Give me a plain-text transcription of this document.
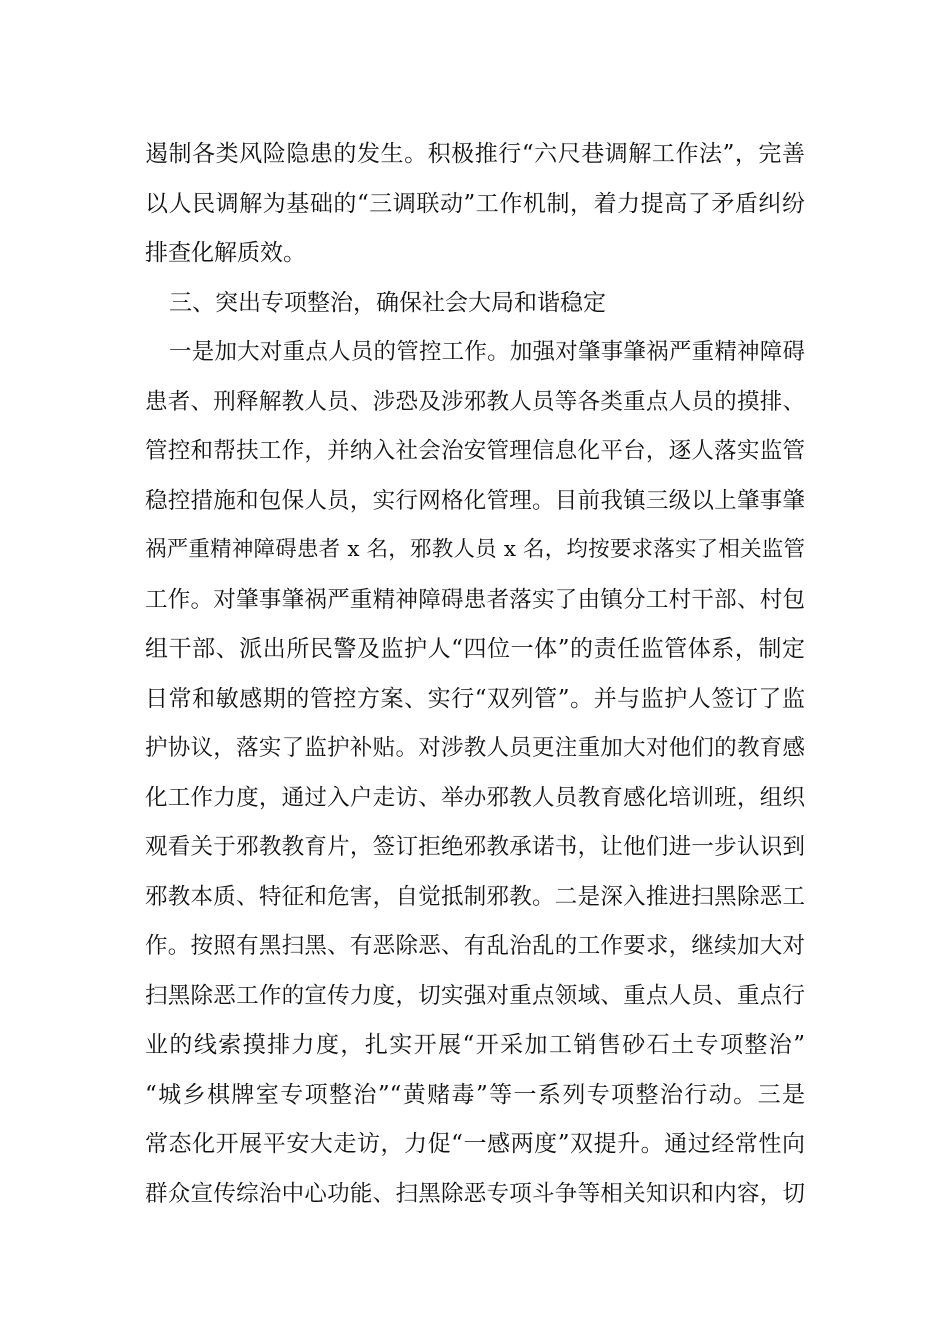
遏制各类风险隐患的发生。积极推行“六尺巷调解工作法”，完善
以人民调解为基础的“三调联动”工作机制，着力提高了矛盾纠纷
排查化解质效。
三、突出专项整治，确保社会大局和谐稳定
一是加大对重点人员的管控工作。加强对肇事肇祸严重精神障碍
患者、刑释解教人员、涉恐及涉邪教人员等各类重点人员的摸排、
管控和帮扶工作，并纳入社会治安管理信息化平台，逐人落实监管
稳控措施和包保人员，实行网格化管理。目前我镇三级以上肇事肇
祸严重精神障碍患者 x 名，邪教人员 x 名，均按要求落实了相关监管
工作。对肇事肇祸严重精神障碍患者落实了由镇分工村干部、村包
组干部、派出所民警及监护人“四位一体”的责任监管体系，制定
日常和敏感期的管控方案、实行“双列管”。并与监护人签订了监
护协议，落实了监护补贴。对涉教人员更注重加大对他们的教育感
化工作力度，通过入户走访、举办邪教人员教育感化培训班，组织
观看关于邪教教育片，签订拒绝邪教承诺书，让他们进一步认识到
邪教本质、特征和危害，自觉抵制邪教。二是深入推进扫黑除恶工
作。按照有黑扫黑、有恶除恶、有乱治乱的工作要求，继续加大对
扫黑除恶工作的宣传力度，切实强对重点领域、重点人员、重点行
业的线索摸排力度，扎实开展“开采加工销售砂石土专项整治”
“城乡棋牌室专项整治”“黄赌毒”等一系列专项整治行动。三是
常态化开展平安大走访，力促“一感两度”双提升。通过经常性向
群众宣传综治中心功能、扫黑除恶专项斗争等相关知识和内容，切
